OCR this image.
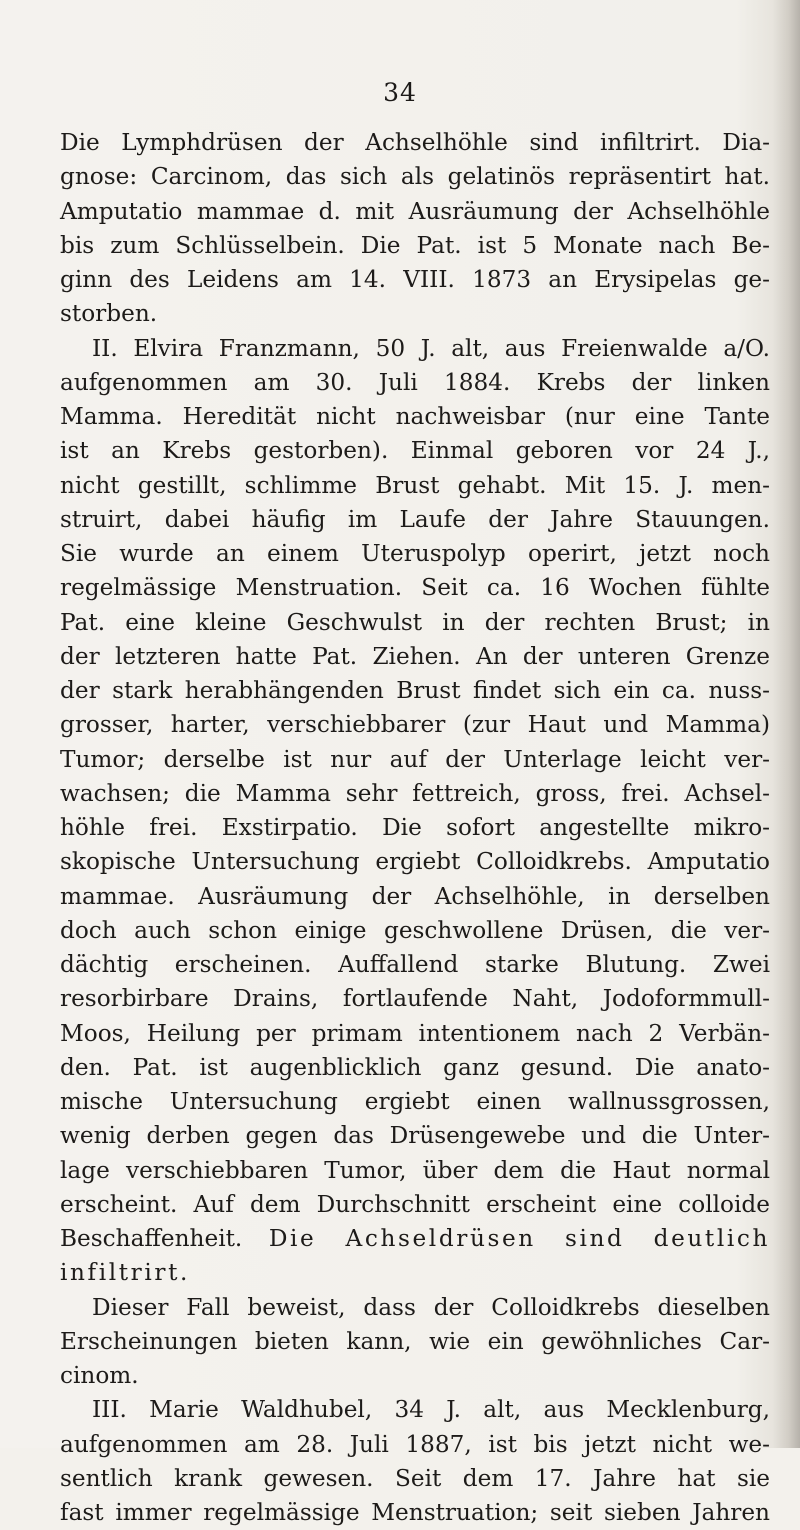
34
Die Lymphdrüsen der Achselhöhle sind infiltrirt. Dia-
gnose: Carcinom, das sich als gelatinös repräsentirt hat.
Amputatio mammae d. mit Ausräumung der Achselhöhle
bis zum Schlüsselbein. Die Pat. ist 5 Monate nach Be-
ginn des Leidens am 14. VIII. 1873 an Erysipelas ge-
storben.
II. Elvira Franzmann, 50 J. alt, aus Freienwalde a/O.
aufgenommen am 30. Juli 1884. Krebs der linken
Mamma. Heredität nicht nachweisbar (nur eine Tante
ist an Krebs gestorben). Einmal geboren vor 24 J.,
nicht gestillt, schlimme Brust gehabt. Mit 15. J. men-
struirt, dabei häufig im Laufe der Jahre Stauungen.
Sie wurde an einem Uteruspolyp operirt, jetzt noch
regelmässige Menstruation. Seit ca. 16 Wochen fühlte
Pat. eine kleine Geschwulst in der rechten Brust; in
der letzteren hatte Pat. Ziehen. An der unteren Grenze
der stark herabhängenden Brust findet sich ein ca. nuss-
grosser, harter, verschiebbarer (zur Haut und Mamma)
Tumor; derselbe ist nur auf der Unterlage leicht ver-
wachsen; die Mamma sehr fettreich, gross, frei. Achsel-
höhle frei. Exstirpatio. Die sofort angestellte mikro-
skopische Untersuchung ergiebt Colloidkrebs. Amputatio
mammae. Ausräumung der Achselhöhle, in derselben
doch auch schon einige geschwollene Drüsen, die ver-
dächtig erscheinen. Auffallend starke Blutung. Zwei
resorbirbare Drains, fortlaufende Naht, Jodoformmull-
Moos, Heilung per primam intentionem nach 2 Verbän-
den. Pat. ist augenblicklich ganz gesund. Die anato-
mische Untersuchung ergiebt einen wallnussgrossen,
wenig derben gegen das Drüsengewebe und die Unter-
lage verschiebbaren Tumor, über dem die Haut normal
erscheint. Auf dem Durchschnitt erscheint eine colloide
Beschaffenheit. Die Achseldrüsen sind deutlich
infiltrirt.
Dieser Fall beweist, dass der Colloidkrebs dieselben
Erscheinungen bieten kann, wie ein gewöhnliches Car-
cinom.
III. Marie Waldhubel, 34 J. alt, aus Mecklenburg,
aufgenommen am 28. Juli 1887, ist bis jetzt nicht we-
sentlich krank gewesen. Seit dem 17. Jahre hat sie
fast immer regelmässige Menstruation; seit sieben Jahren
